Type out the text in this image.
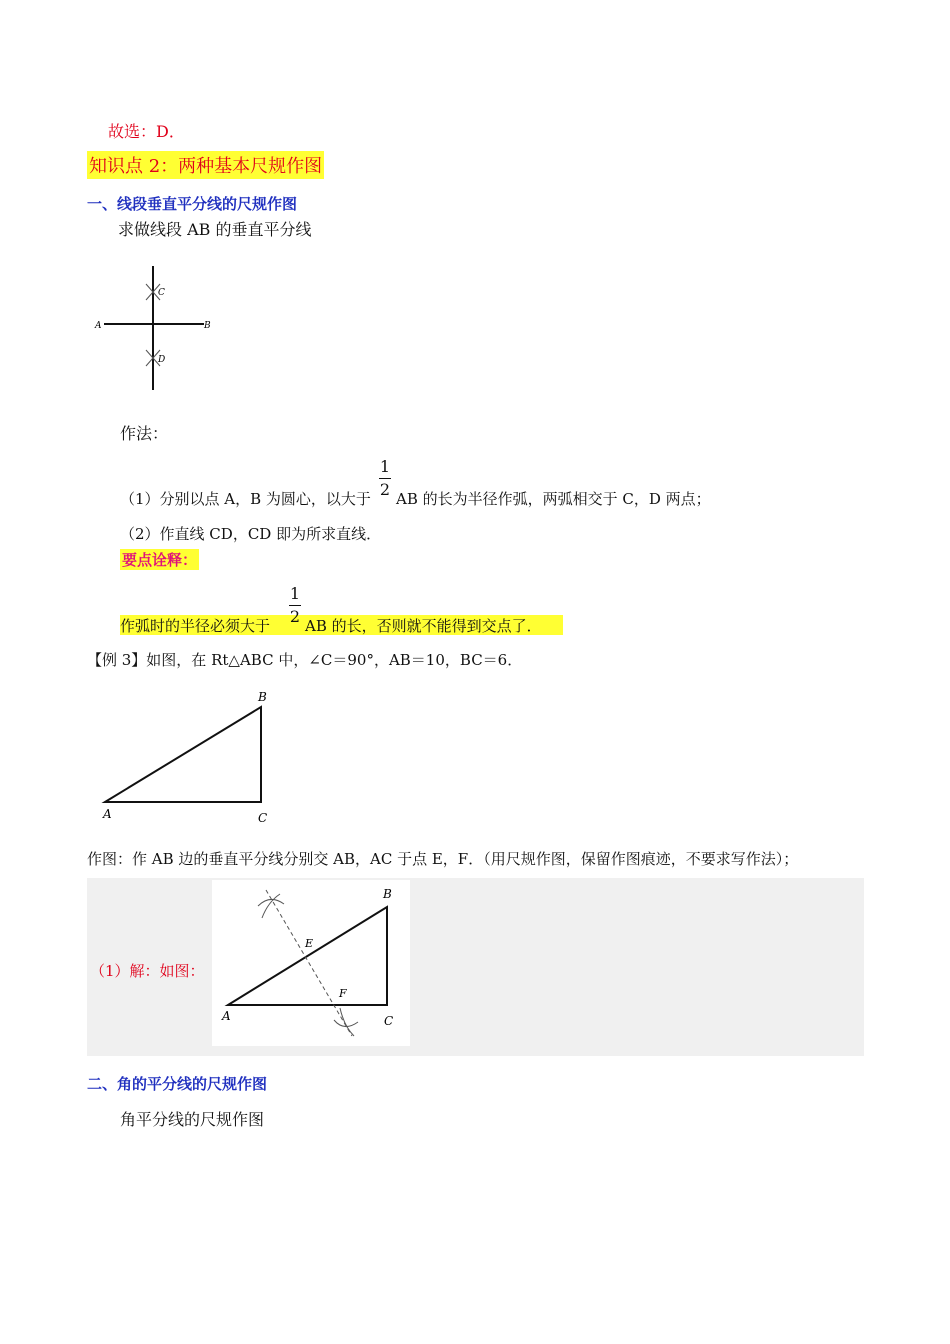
故选：D．
知识点 2：两种基本尺规作图
一、线段垂直平分线的尺规作图
求做线段 AB 的垂直平分线
A	B
C
D
作法：
（1）分别以点 A，B 为圆心，以大于
1
2 AB 的长为半径作弧，两弧相交于 C，D 两点；
（2）作直线 CD，CD 即为所求直线．
要点诠释：
作弧时的半径必须大于
1
2 AB 的长，否则就不能得到交点了．
【例 3】如图，在 Rt△ABC 中，∠C＝90°，AB＝10，BC＝6．
B
A	C
作图：作 AB 边的垂直平分线分别交 AB，AC 于点 E，F．（用尺规作图，保留作图痕迹，不要求写作法）；
（1）解：如图：
B
A	C
E
F
二、角的平分线的尺规作图
角平分线的尺规作图
